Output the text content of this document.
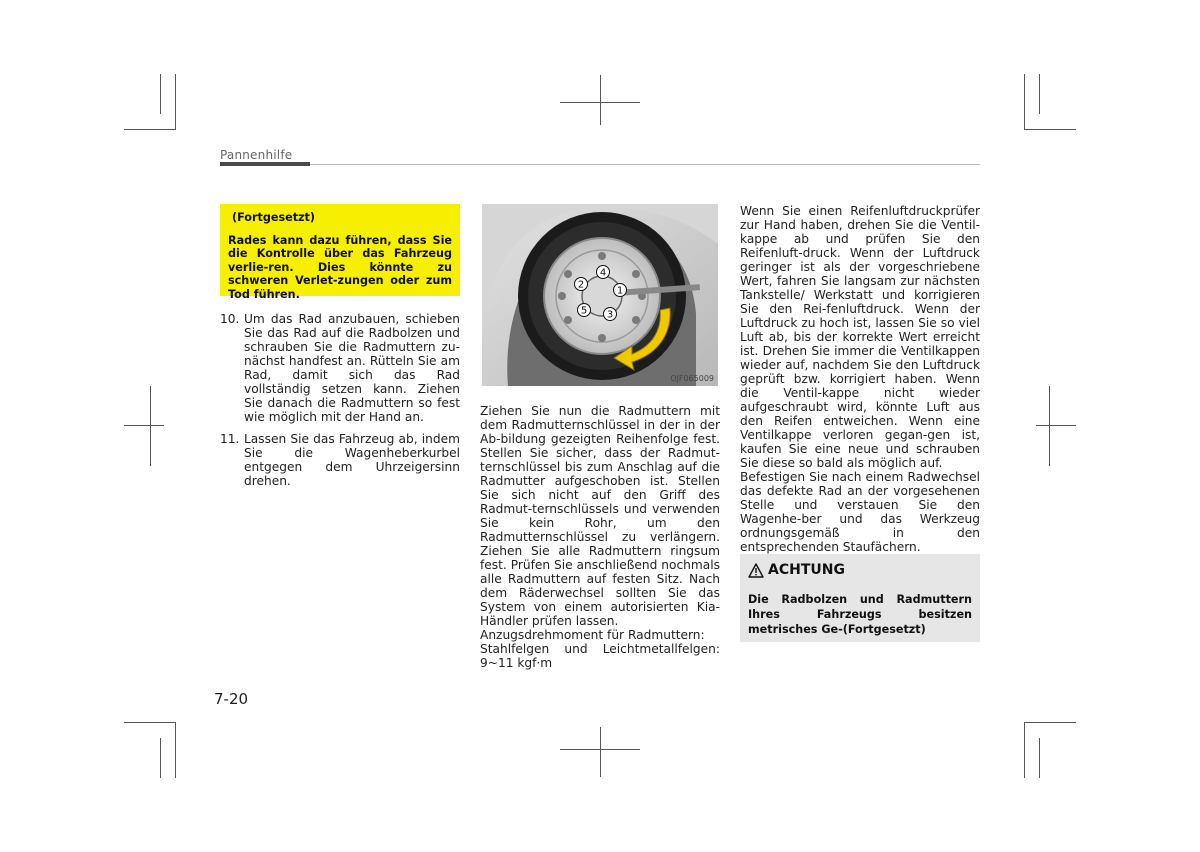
Pannenhilfe
(Fortgesetzt)
Rades kann dazu führen, dass Sie die Kontrolle über das Fahrzeug verlie-ren. Dies könnte zu schweren Verlet-zungen oder zum Tod führen.
10. Um das Rad anzubauen, schieben Sie das Rad auf die Radbolzen und schrauben Sie die Radmuttern zu-nächst handfest an. Rütteln Sie am Rad, damit sich das Rad vollständig setzen kann. Ziehen Sie danach die Radmuttern so fest wie möglich mit der Hand an.
11. Lassen Sie das Fahrzeug ab, indem Sie die Wagenheberkurbel entgegen dem Uhrzeigersinn drehen.
1
2
3
4
5
OJF065009
Ziehen Sie nun die Radmuttern mit dem Radmutternschlüssel in der in der Ab-bildung gezeigten Reihenfolge fest. Stellen Sie sicher, dass der Radmut-ternschlüssel bis zum Anschlag auf die Radmutter aufgeschoben ist. Stellen Sie sich nicht auf den Griff des Radmut-ternschlüssels und verwenden Sie kein Rohr, um den Radmutternschlüssel zu verlängern. Ziehen Sie alle Radmuttern ringsum fest. Prüfen Sie anschließend nochmals alle Radmuttern auf festen Sitz. Nach dem Räderwechsel sollten Sie das System von einem autorisierten Kia-Händler prüfen lassen.
Anzugsdrehmoment für Radmuttern:
Stahlfelgen und Leichtmetallfelgen:
9~11 kgf·m
Wenn Sie einen Reifenluftdruckprüfer zur Hand haben, drehen Sie die Ventil-kappe ab und prüfen Sie den Reifenluft-druck. Wenn der Luftdruck geringer ist als der vorgeschriebene Wert, fahren Sie langsam zur nächsten Tankstelle/ Werkstatt und korrigieren Sie den Rei-fenluftdruck. Wenn der Luftdruck zu hoch ist, lassen Sie so viel Luft ab, bis der korrekte Wert erreicht ist. Drehen Sie immer die Ventilkappen wieder auf, nachdem Sie den Luftdruck geprüft bzw. korrigiert haben. Wenn die Ventil-kappe nicht wieder aufgeschraubt wird, könnte Luft aus den Reifen entweichen. Wenn eine Ventilkappe verloren gegan-gen ist, kaufen Sie eine neue und schrauben Sie diese so bald als möglich auf.
Befestigen Sie nach einem Radwechsel das defekte Rad an der vorgesehenen Stelle und verstauen Sie den Wagenhe-ber und das Werkzeug ordnungsgemäß in den entsprechenden Staufächern.
ACHTUNG
Die Radbolzen und Radmuttern Ihres Fahrzeugs besitzen metrisches Ge-(Fortgesetzt)
7-20
